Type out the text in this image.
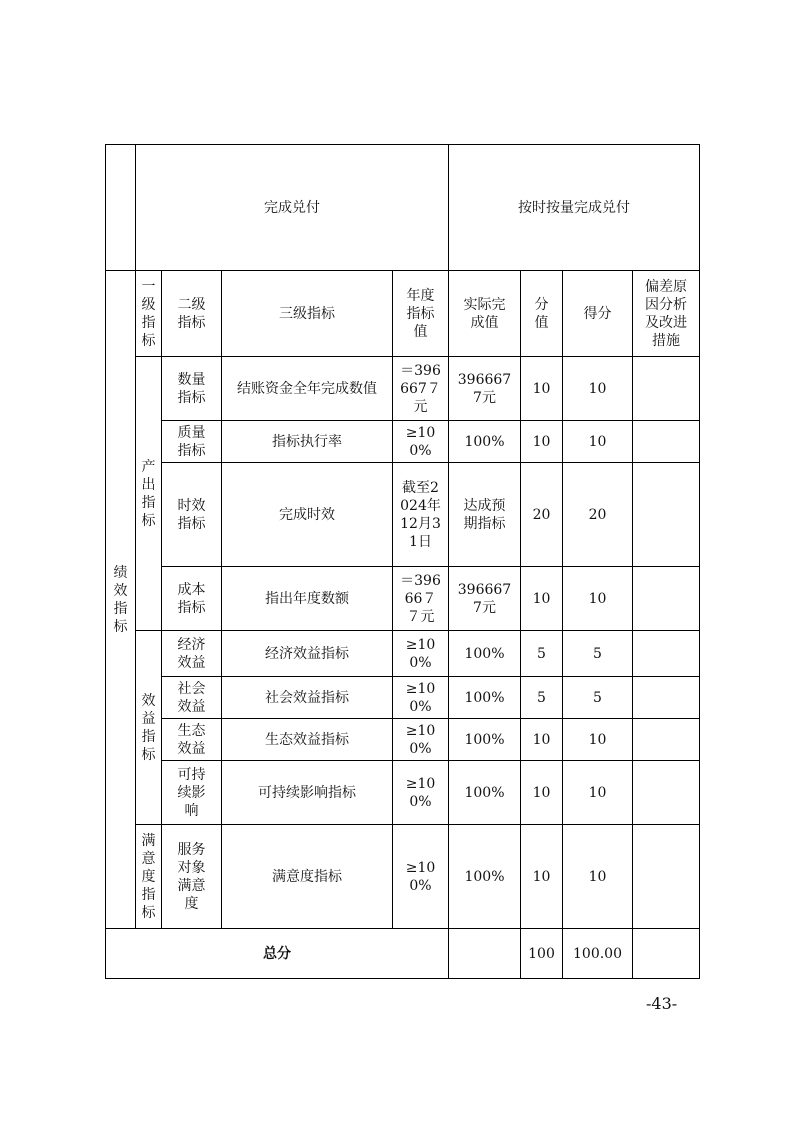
	完成兑付				按时按量完成兑付			

绩效指标	一级指标	二级指标	三级指标	年度指标值	实际完成值	分值	得分	偏差原因分析及改进措施

	产出指标	数量指标	结账资金全年完成数值	＝396667７元	3966677元	10	10	

		质量指标	指标执行率	≥100%	100%	10	10	

		时效指标	完成时效	截至2024年12月31日	达成预期指标	20	20	

		成本指标	指出年度数额	＝39666７７元	3966677元	10	10	

	效益指标	经济效益	经济效益指标	≥100%	100%	5	5	

		社会效益	社会效益指标	≥100%	100%	5	5	

		生态效益	生态效益指标	≥100%	100%	10	10	

		可持续影响	可持续影响指标	≥100%	100%	10	10	

	满意度指标	服务对象满意度	满意度指标	≥100%	100%	10	10	
总分						100	100.00	
-43-
